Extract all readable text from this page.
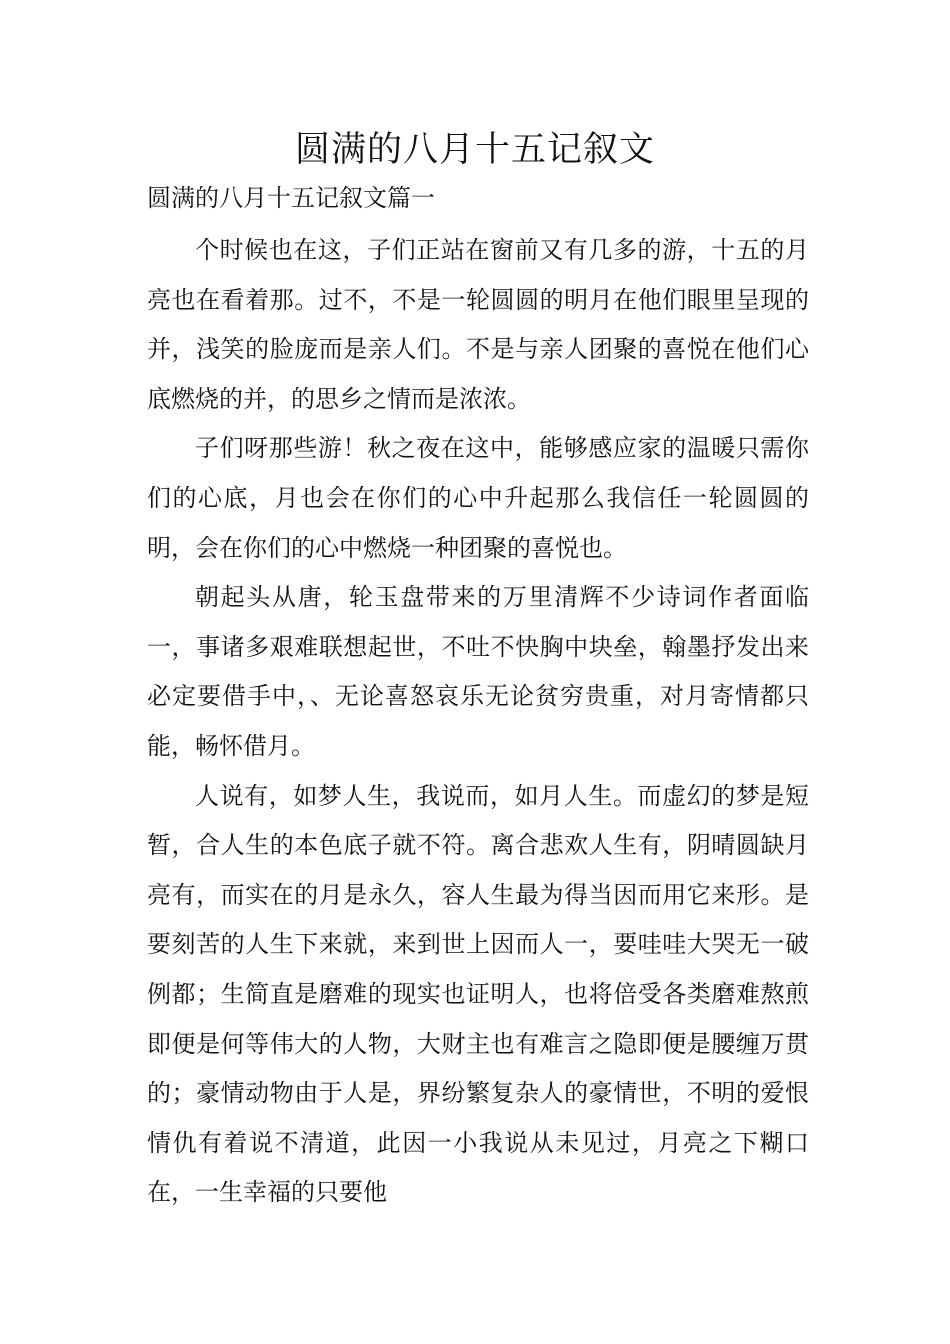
圆满的八月十五记叙文

圆满的八月十五记叙文篇一

个时候也在这，子们正站在窗前又有几多的游，十五的月亮也在看着那。过不，不是一轮圆圆的明月在他们眼里呈现的并，浅笑的脸庞而是亲人们。不是与亲人团聚的喜悦在他们心底燃烧的并，的思乡之情而是浓浓。

子们呀那些游！秋之夜在这中，能够感应家的温暖只需你们的心底，月也会在你们的心中升起那么我信任一轮圆圆的明，会在你们的心中燃烧一种团聚的喜悦也。

朝起头从唐，轮玉盘带来的万里清辉不少诗词作者面临一，事诸多艰难联想起世，不吐不快胸中块垒，翰墨抒发出来必定要借手中，、无论喜怒哀乐无论贫穷贵重，对月寄情都只能，畅怀借月。

人说有，如梦人生，我说而，如月人生。而虚幻的梦是短暂，合人生的本色底子就不符。离合悲欢人生有，阴晴圆缺月亮有，而实在的月是永久，容人生最为得当因而用它来形。是要刻苦的人生下来就，来到世上因而人一，要哇哇大哭无一破例都；生简直是磨难的现实也证明人，也将倍受各类磨难熬煎即便是何等伟大的人物，大财主也有难言之隐即便是腰缠万贯的；豪情动物由于人是，界纷繁复杂人的豪情世，不明的爱恨情仇有着说不清道，此因一小我说从未见过，月亮之下糊口在，一生幸福的只要他
